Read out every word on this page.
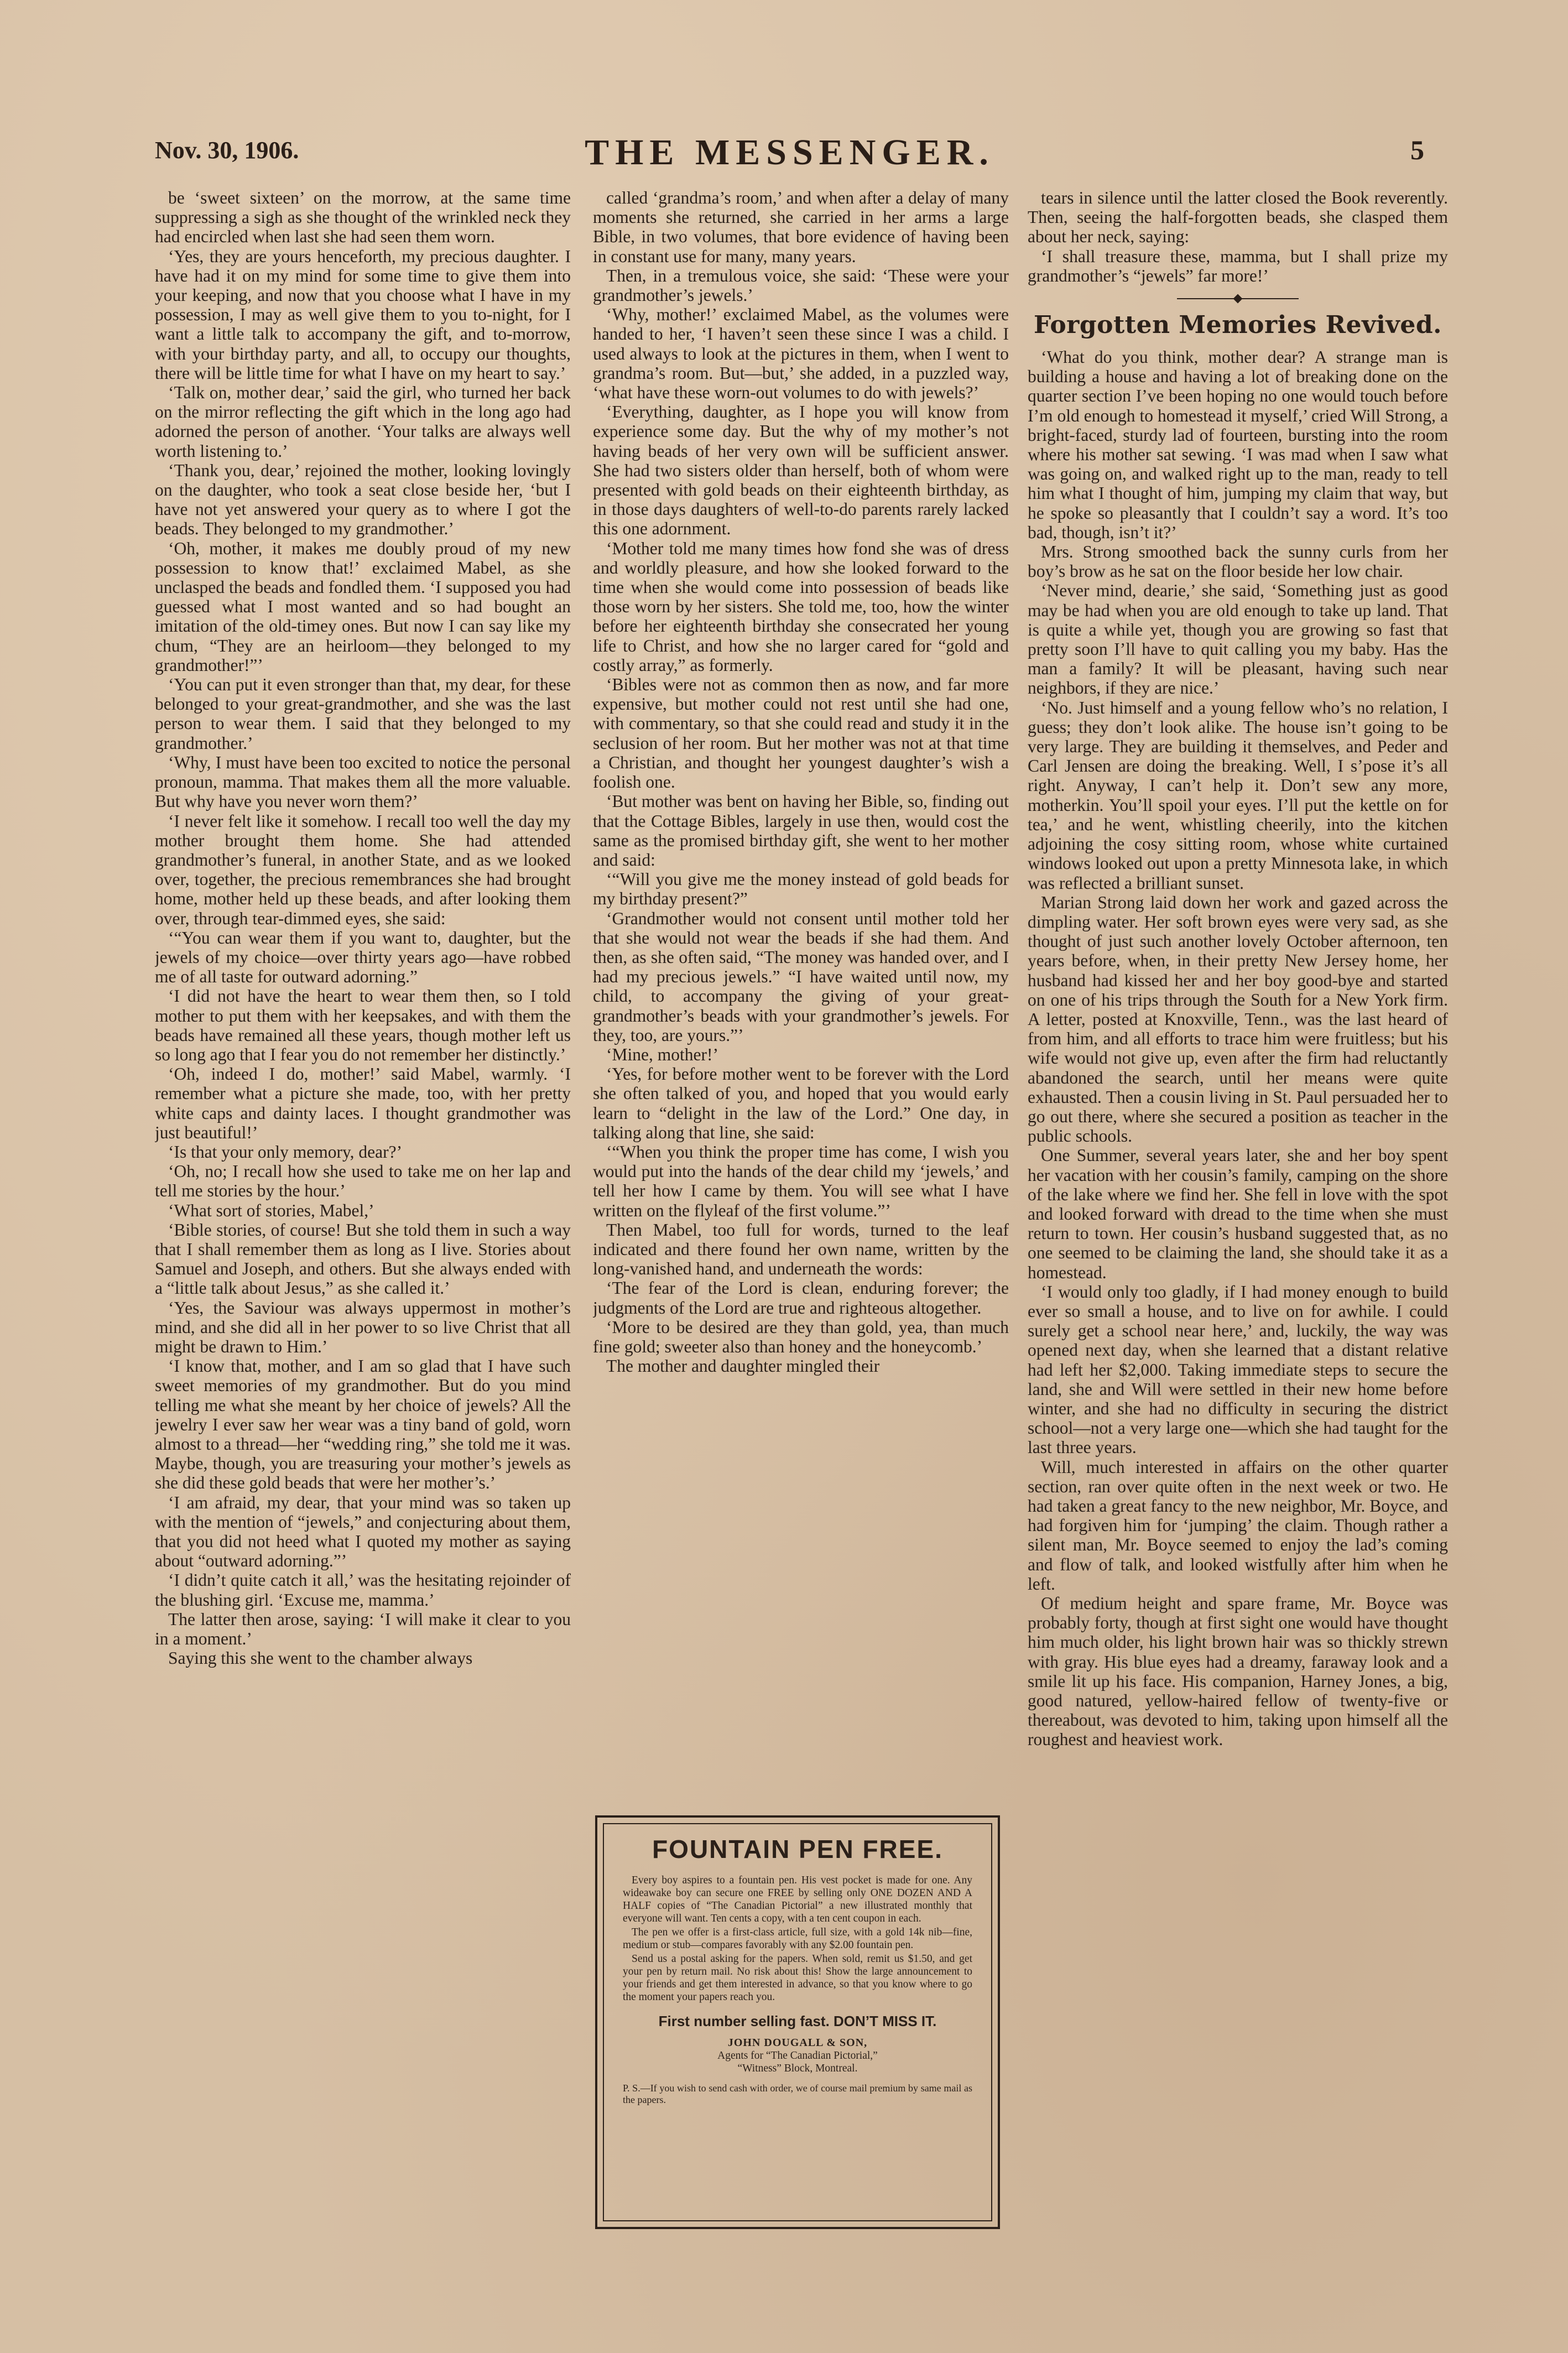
Nov. 30, 1906.	THE MESSENGER.	5

be ‘sweet sixteen’ on the morrow, at the same time suppressing a sigh as she thought of the wrinkled neck they had encircled when last she had seen them worn.

‘Yes, they are yours henceforth, my precious daughter. I have had it on my mind for some time to give them into your keeping, and now that you choose what I have in my possession, I may as well give them to you to-night, for I want a little talk to accompany the gift, and to-morrow, with your birthday party, and all, to occupy our thoughts, there will be little time for what I have on my heart to say.’

‘Talk on, mother dear,’ said the girl, who turned her back on the mirror reflecting the gift which in the long ago had adorned the person of another. ‘Your talks are always well worth listening to.’

‘Thank you, dear,’ rejoined the mother, looking lovingly on the daughter, who took a seat close beside her, ‘but I have not yet answered your query as to where I got the beads. They belonged to my grandmother.’

‘Oh, mother, it makes me doubly proud of my new possession to know that!’ exclaimed Mabel, as she unclasped the beads and fondled them. ‘I supposed you had guessed what I most wanted and so had bought an imitation of the old-timey ones. But now I can say like my chum, “They are an heirloom—they belonged to my grandmother!”’

‘You can put it even stronger than that, my dear, for these belonged to your great-grandmother, and she was the last person to wear them. I said that they belonged to my grandmother.’

‘Why, I must have been too excited to notice the personal pronoun, mamma. That makes them all the more valuable. But why have you never worn them?’

‘I never felt like it somehow. I recall too well the day my mother brought them home. She had attended grandmother’s funeral, in another State, and as we looked over, together, the precious remembrances she had brought home, mother held up these beads, and after looking them over, through tear-dimmed eyes, she said:

‘“You can wear them if you want to, daughter, but the jewels of my choice—over thirty years ago—have robbed me of all taste for outward adorning.”

‘I did not have the heart to wear them then, so I told mother to put them with her keepsakes, and with them the beads have remained all these years, though mother left us so long ago that I fear you do not remember her distinctly.’

‘Oh, indeed I do, mother!’ said Mabel, warmly. ‘I remember what a picture she made, too, with her pretty white caps and dainty laces. I thought grandmother was just beautiful!’

‘Is that your only memory, dear?’

‘Oh, no; I recall how she used to take me on her lap and tell me stories by the hour.’

‘What sort of stories, Mabel,’

‘Bible stories, of course! But she told them in such a way that I shall remember them as long as I live. Stories about Samuel and Joseph, and others. But she always ended with a “little talk about Jesus,” as she called it.’

‘Yes, the Saviour was always uppermost in mother’s mind, and she did all in her power to so live Christ that all might be drawn to Him.’

‘I know that, mother, and I am so glad that I have such sweet memories of my grandmother. But do you mind telling me what she meant by her choice of jewels? All the jewelry I ever saw her wear was a tiny band of gold, worn almost to a thread—her “wedding ring,” she told me it was. Maybe, though, you are treasuring your mother’s jewels as she did these gold beads that were her mother’s.’

‘I am afraid, my dear, that your mind was so taken up with the mention of “jewels,” and conjecturing about them, that you did not heed what I quoted my mother as saying about “outward adorning.”’

‘I didn’t quite catch it all,’ was the hesitating rejoinder of the blushing girl. ‘Excuse me, mamma.’

The latter then arose, saying: ‘I will make it clear to you in a moment.’

Saying this she went to the chamber always

called ‘grandma’s room,’ and when after a delay of many moments she returned, she carried in her arms a large Bible, in two volumes, that bore evidence of having been in constant use for many, many years.

Then, in a tremulous voice, she said: ‘These were your grandmother’s jewels.’

‘Why, mother!’ exclaimed Mabel, as the volumes were handed to her, ‘I haven’t seen these since I was a child. I used always to look at the pictures in them, when I went to grandma’s room. But—but,’ she added, in a puzzled way, ‘what have these worn-out volumes to do with jewels?’

‘Everything, daughter, as I hope you will know from experience some day. But the why of my mother’s not having beads of her very own will be sufficient answer. She had two sisters older than herself, both of whom were presented with gold beads on their eighteenth birthday, as in those days daughters of well-to-do parents rarely lacked this one adornment.

‘Mother told me many times how fond she was of dress and worldly pleasure, and how she looked forward to the time when she would come into possession of beads like those worn by her sisters. She told me, too, how the winter before her eighteenth birthday she consecrated her young life to Christ, and how she no larger cared for “gold and costly array,” as formerly.

‘Bibles were not as common then as now, and far more expensive, but mother could not rest until she had one, with commentary, so that she could read and study it in the seclusion of her room. But her mother was not at that time a Christian, and thought her youngest daughter’s wish a foolish one.

‘But mother was bent on having her Bible, so, finding out that the Cottage Bibles, largely in use then, would cost the same as the promised birthday gift, she went to her mother and said:

‘“Will you give me the money instead of gold beads for my birthday present?”

‘Grandmother would not consent until mother told her that she would not wear the beads if she had them. And then, as she often said, “The money was handed over, and I had my precious jewels.” “I have waited until now, my child, to accompany the giving of your great-grandmother’s beads with your grandmother’s jewels. For they, too, are yours.”’

‘Mine, mother!’

‘Yes, for before mother went to be forever with the Lord she often talked of you, and hoped that you would early learn to “delight in the law of the Lord.” One day, in talking along that line, she said:

‘“When you think the proper time has come, I wish you would put into the hands of the dear child my ‘jewels,’ and tell her how I came by them. You will see what I have written on the flyleaf of the first volume.”’

Then Mabel, too full for words, turned to the leaf indicated and there found her own name, written by the long-vanished hand, and underneath the words:

‘The fear of the Lord is clean, enduring forever; the judgments of the Lord are true and righteous altogether.

‘More to be desired are they than gold, yea, than much fine gold; sweeter also than honey and the honeycomb.’

The mother and daughter mingled their

FOUNTAIN PEN FREE.

Every boy aspires to a fountain pen. His vest pocket is made for one. Any wideawake boy can secure one FREE by selling only ONE DOZEN AND A HALF copies of “The Canadian Pictorial” a new illustrated monthly that everyone will want. Ten cents a copy, with a ten cent coupon in each.

The pen we offer is a first-class article, full size, with a gold 14k nib—fine, medium or stub—compares favorably with any $2.00 fountain pen.

Send us a postal asking for the papers. When sold, remit us $1.50, and get your pen by return mail. No risk about this! Show the large announcement to your friends and get them interested in advance, so that you know where to go the moment your papers reach you.

First number selling fast. DON’T MISS IT.
JOHN DOUGALL & SON,
Agents for “The Canadian Pictorial,”
“Witness” Block, Montreal.
P. S.—If you wish to send cash with order, we of course mail premium by same mail as the papers.

tears in silence until the latter closed the Book reverently. Then, seeing the half-forgotten beads, she clasped them about her neck, saying:

‘I shall treasure these, mamma, but I shall prize my grandmother’s “jewels” far more!’

Forgotten Memories Revived.

‘What do you think, mother dear? A strange man is building a house and having a lot of breaking done on the quarter section I’ve been hoping no one would touch before I’m old enough to homestead it myself,’ cried Will Strong, a bright-faced, sturdy lad of fourteen, bursting into the room where his mother sat sewing. ‘I was mad when I saw what was going on, and walked right up to the man, ready to tell him what I thought of him, jumping my claim that way, but he spoke so pleasantly that I couldn’t say a word. It’s too bad, though, isn’t it?’

Mrs. Strong smoothed back the sunny curls from her boy’s brow as he sat on the floor beside her low chair.

‘Never mind, dearie,’ she said, ‘Something just as good may be had when you are old enough to take up land. That is quite a while yet, though you are growing so fast that pretty soon I’ll have to quit calling you my baby. Has the man a family? It will be pleasant, having such near neighbors, if they are nice.’

‘No. Just himself and a young fellow who’s no relation, I guess; they don’t look alike. The house isn’t going to be very large. They are building it themselves, and Peder and Carl Jensen are doing the breaking. Well, I s’pose it’s all right. Anyway, I can’t help it. Don’t sew any more, motherkin. You’ll spoil your eyes. I’ll put the kettle on for tea,’ and he went, whistling cheerily, into the kitchen adjoining the cosy sitting room, whose white curtained windows looked out upon a pretty Minnesota lake, in which was reflected a brilliant sunset.

Marian Strong laid down her work and gazed across the dimpling water. Her soft brown eyes were very sad, as she thought of just such another lovely October afternoon, ten years before, when, in their pretty New Jersey home, her husband had kissed her and her boy good-bye and started on one of his trips through the South for a New York firm. A letter, posted at Knoxville, Tenn., was the last heard of from him, and all efforts to trace him were fruitless; but his wife would not give up, even after the firm had reluctantly abandoned the search, until her means were quite exhausted. Then a cousin living in St. Paul persuaded her to go out there, where she secured a position as teacher in the public schools.

One Summer, several years later, she and her boy spent her vacation with her cousin’s family, camping on the shore of the lake where we find her. She fell in love with the spot and looked forward with dread to the time when she must return to town. Her cousin’s husband suggested that, as no one seemed to be claiming the land, she should take it as a homestead.

‘I would only too gladly, if I had money enough to build ever so small a house, and to live on for awhile. I could surely get a school near here,’ and, luckily, the way was opened next day, when she learned that a distant relative had left her $2,000. Taking immediate steps to secure the land, she and Will were settled in their new home before winter, and she had no difficulty in securing the district school—not a very large one—which she had taught for the last three years.

Will, much interested in affairs on the other quarter section, ran over quite often in the next week or two. He had taken a great fancy to the new neighbor, Mr. Boyce, and had forgiven him for ‘jumping’ the claim. Though rather a silent man, Mr. Boyce seemed to enjoy the lad’s coming and flow of talk, and looked wistfully after him when he left.

Of medium height and spare frame, Mr. Boyce was probably forty, though at first sight one would have thought him much older, his light brown hair was so thickly strewn with gray. His blue eyes had a dreamy, faraway look and a smile lit up his face. His companion, Harney Jones, a big, good natured, yellow-haired fellow of twenty-five or thereabout, was devoted to him, taking upon himself all the roughest and heaviest work.
